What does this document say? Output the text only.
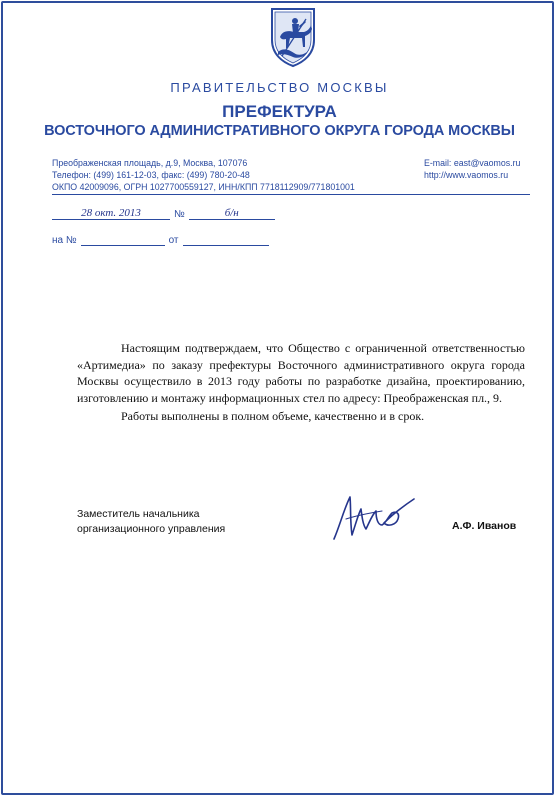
ПРАВИТЕЛЬСТВО МОСКВЫ
ПРЕФЕКТУРА
ВОСТОЧНОГО АДМИНИСТРАТИВНОГО ОКРУГА ГОРОДА МОСКВЫ
Преображенская площадь, д.9, Москва, 107076
Телефон: (499) 161-12-03, факс: (499) 780-20-48
ОКПО 42009096, ОГРН 1027700559127, ИНН/КПП 7718112909/771801001
E-mail: east@vaomos.ru
http://www.vaomos.ru
28 окт. 2013	№	б/н
на №	от

Настоящим подтверждаем, что Общество с ограниченной ответственностью «Артимедиа» по заказу префектуры Восточного административного округа города Москвы осуществило в 2013 году работы по разработке дизайна, проектированию, изготовлению и монтажу информационных стел по адресу: Преображенская пл., 9.

Работы выполнены в полном объеме, качественно и в срок.

Заместитель начальника
организационного управления	А.Ф. Иванов
